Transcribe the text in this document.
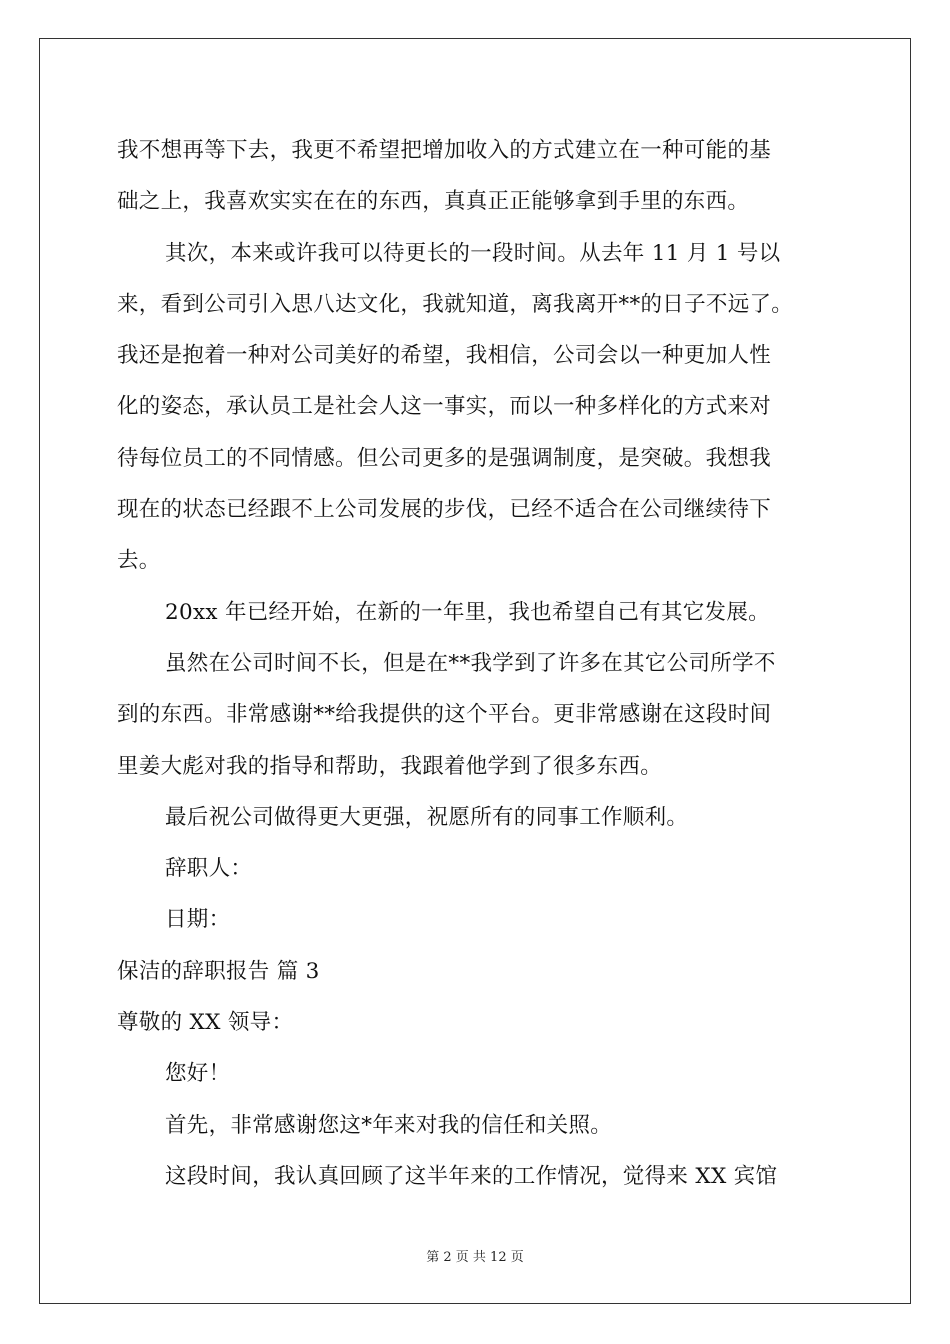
我不想再等下去，我更不希望把增加收入的方式建立在一种可能的基
础之上，我喜欢实实在在的东西，真真正正能够拿到手里的东西。
其次，本来或许我可以待更长的一段时间。从去年 11 月 1 号以
来，看到公司引入思八达文化，我就知道，离我离开**的日子不远了。
我还是抱着一种对公司美好的希望，我相信，公司会以一种更加人性
化的姿态，承认员工是社会人这一事实，而以一种多样化的方式来对
待每位员工的不同情感。但公司更多的是强调制度，是突破。我想我
现在的状态已经跟不上公司发展的步伐，已经不适合在公司继续待下
去。
20xx 年已经开始，在新的一年里，我也希望自己有其它发展。
虽然在公司时间不长，但是在**我学到了许多在其它公司所学不
到的东西。非常感谢**给我提供的这个平台。更非常感谢在这段时间
里姜大彪对我的指导和帮助，我跟着他学到了很多东西。
最后祝公司做得更大更强，祝愿所有的同事工作顺利。
辞职人：
日期：
保洁的辞职报告 篇 3
尊敬的 XX 领导：
您好！
首先，非常感谢您这*年来对我的信任和关照。
这段时间，我认真回顾了这半年来的工作情况，觉得来 XX 宾馆
第 2 页 共 12 页
